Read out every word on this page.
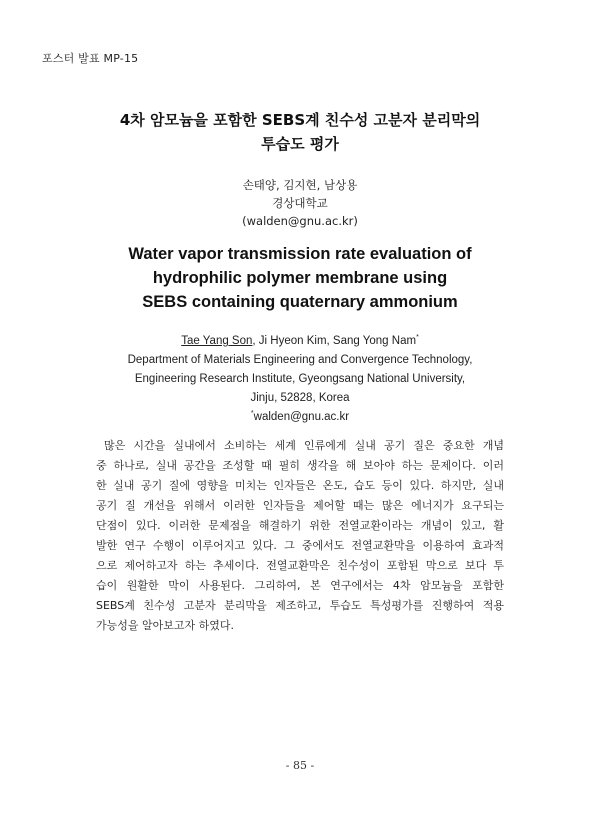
포스터 발표 MP-15
4차 암모늄을 포함한 SEBS계 친수성 고분자 분리막의
투습도 평가
손태양, 김지현, 남상용
경상대학교
(walden@gnu.ac.kr)
Water vapor transmission rate evaluation of
hydrophilic polymer membrane using
SEBS containing quaternary ammonium
Tae Yang Son, Ji Hyeon Kim, Sang Yong Nam*
Department of Materials Engineering and Convergence Technology,
Engineering Research Institute, Gyeongsang National University,
Jinju, 52828, Korea
*walden@gnu.ac.kr
많은 시간을 실내에서 소비하는 세계 인류에게 실내 공기 질은 중요한 개념
중 하나로, 실내 공간을 조성할 때 필히 생각을 해 보아야 하는 문제이다. 이러
한 실내 공기 질에 영향을 미치는 인자들은 온도, 습도 등이 있다. 하지만, 실내
공기 질 개선을 위해서 이러한 인자들을 제어할 때는 많은 에너지가 요구되는
단점이 있다. 이러한 문제점을 해결하기 위한 전열교환이라는 개념이 있고, 활
발한 연구 수행이 이루어지고 있다. 그 중에서도 전열교환막을 이용하여 효과적
으로 제어하고자 하는 추세이다. 전열교환막은 친수성이 포함된 막으로 보다 투
습이 원활한 막이 사용된다. 그리하여, 본 연구에서는 4차 암모늄을 포함한
SEBS계 친수성 고분자 분리막을 제조하고, 투습도 특성평가를 진행하여 적용
가능성을 알아보고자 하였다.
- 85 -
